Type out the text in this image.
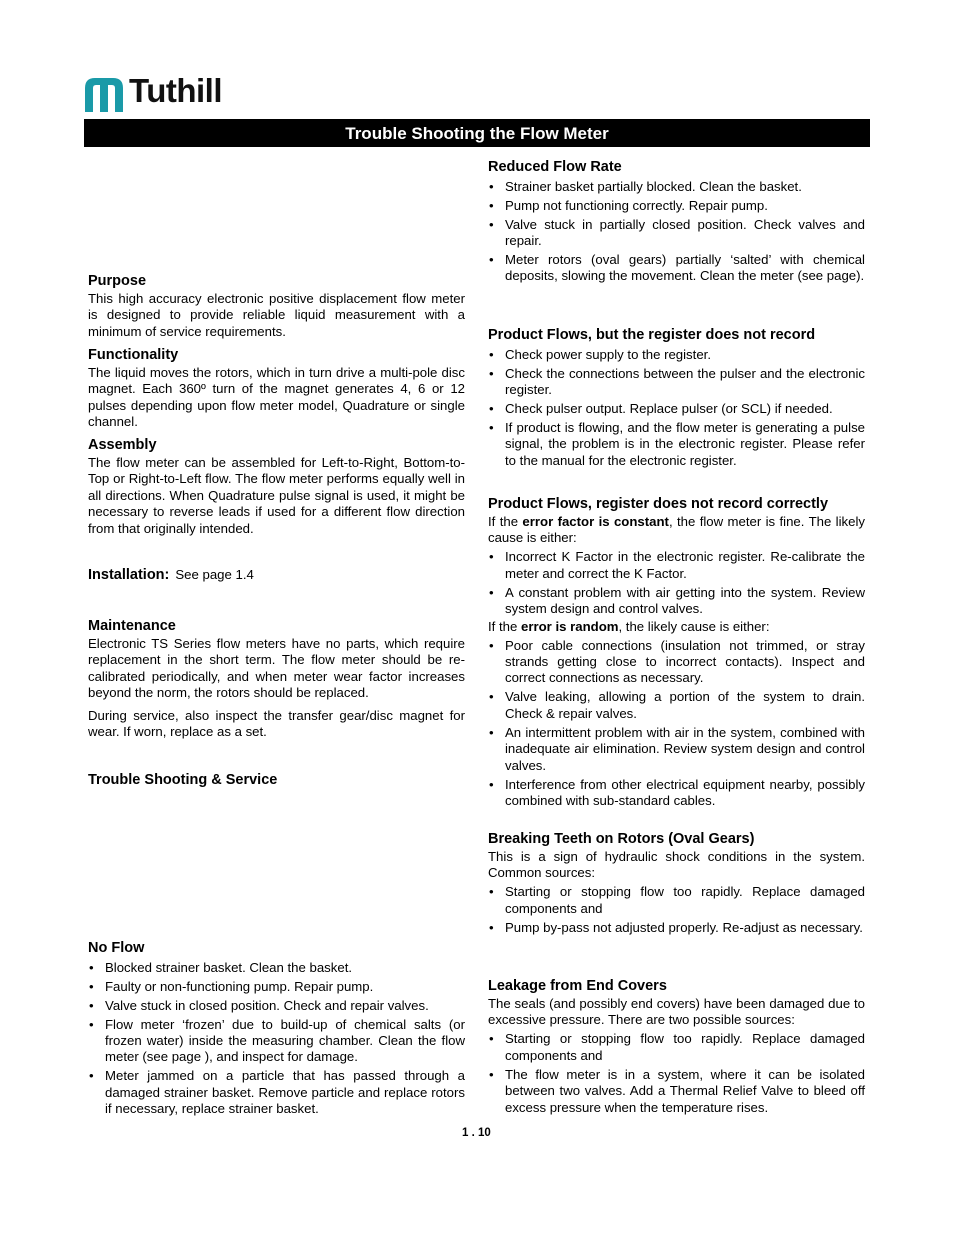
Tuthill
Trouble Shooting the Flow Meter
Purpose

This high accuracy electronic positive displacement flow meter is designed to provide reliable liquid measurement with a minimum of service requirements.

Functionality

The liquid moves the rotors, which in turn drive a multi-pole disc magnet. Each 360º turn of the magnet generates 4, 6 or 12 pulses depending upon flow meter model, Quadrature or single channel.

Assembly

The flow meter can be assembled for Left-to-Right, Bottom-to-Top or Right-to-Left flow. The flow meter performs equally well in all directions. When Quadrature pulse signal is used, it might be necessary to reverse leads if used for a different flow direction from that originally intended.

Installation: See page 1.4
Maintenance

Electronic TS Series flow meters have no parts, which require replacement in the short term. The flow meter should be re-calibrated periodically, and when meter wear factor increases beyond the norm, the rotors should be replaced.

During service, also inspect the transfer gear/disc magnet for wear. If worn, replace as a set.

Trouble Shooting & Service
No Flow
• Blocked strainer basket. Clean the basket.
• Faulty or non-functioning pump. Repair pump.
• Valve stuck in closed position. Check and repair valves.
• Flow meter ‘frozen’ due to build-up of chemical salts (or frozen water) inside the measuring chamber. Clean the flow meter (see page ), and inspect for damage.
• Meter jammed on a particle that has passed through a damaged strainer basket. Remove particle and replace rotors if necessary, replace strainer basket.
Reduced Flow Rate
• Strainer basket partially blocked. Clean the basket.
• Pump not functioning correctly. Repair pump.
• Valve stuck in partially closed position. Check valves and repair.
• Meter rotors (oval gears) partially ‘salted’ with chemical deposits, slowing the movement. Clean the meter (see page).
Product Flows, but the register does not record
• Check power supply to the register.
• Check the connections between the pulser and the electronic register.
• Check pulser output. Replace pulser (or SCL) if needed.
• If product is flowing, and the flow meter is generating a pulse signal, the problem is in the electronic register. Please refer to the manual for the electronic register.
Product Flows, register does not record correctly

If the error factor is constant, the flow meter is fine. The likely cause is either:

• Incorrect K Factor in the electronic register. Re-calibrate the meter and correct the K Factor.
• A constant problem with air getting into the system. Review system design and control valves.

If the error is random, the likely cause is either:

• Poor cable connections (insulation not trimmed, or stray strands getting close to incorrect contacts). Inspect and correct connections as necessary.
• Valve leaking, allowing a portion of the system to drain. Check & repair valves.
• An intermittent problem with air in the system, combined with inadequate air elimination. Review system design and control valves.
• Interference from other electrical equipment nearby, possibly combined with sub-standard cables.
Breaking Teeth on Rotors (Oval Gears)

This is a sign of hydraulic shock conditions in the system. Common sources:

• Starting or stopping flow too rapidly. Replace damaged components and
• Pump by-pass not adjusted properly. Re-adjust as necessary.
Leakage from End Covers

The seals (and possibly end covers) have been damaged due to excessive pressure. There are two possible sources:

• Starting or stopping flow too rapidly. Replace damaged components and
• The flow meter is in a system, where it can be isolated between two valves. Add a Thermal Relief Valve to bleed off excess pressure when the temperature rises.
1 . 10
